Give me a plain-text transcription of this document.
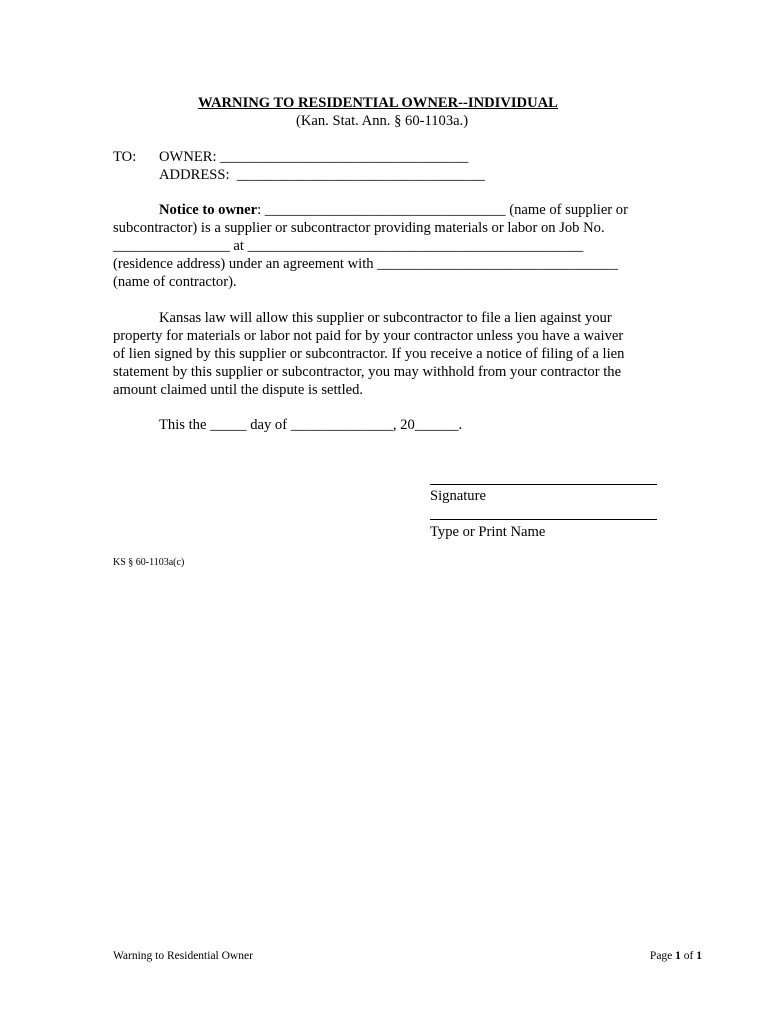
WARNING TO RESIDENTIAL OWNER--INDIVIDUAL
(Kan. Stat. Ann. § 60-1103a.)
TO: OWNER: __________________________________
ADDRESS:  __________________________________
Notice to owner: _________________________________ (name of supplier or
subcontractor) is a supplier or subcontractor providing materials or labor on Job No.
________________ at ______________________________________________
(residence address) under an agreement with _________________________________
(name of contractor).
Kansas law will allow this supplier or subcontractor to file a lien against your
property for materials or labor not paid for by your contractor unless you have a waiver
of lien signed by this supplier or subcontractor. If you receive a notice of filing of a lien
statement by this supplier or subcontractor, you may withhold from your contractor the
amount claimed until the dispute is settled.
This the _____ day of ______________, 20______.
Signature
Type or Print Name
KS § 60-1103a(c)
Warning to Residential Owner	Page 1 of 1
